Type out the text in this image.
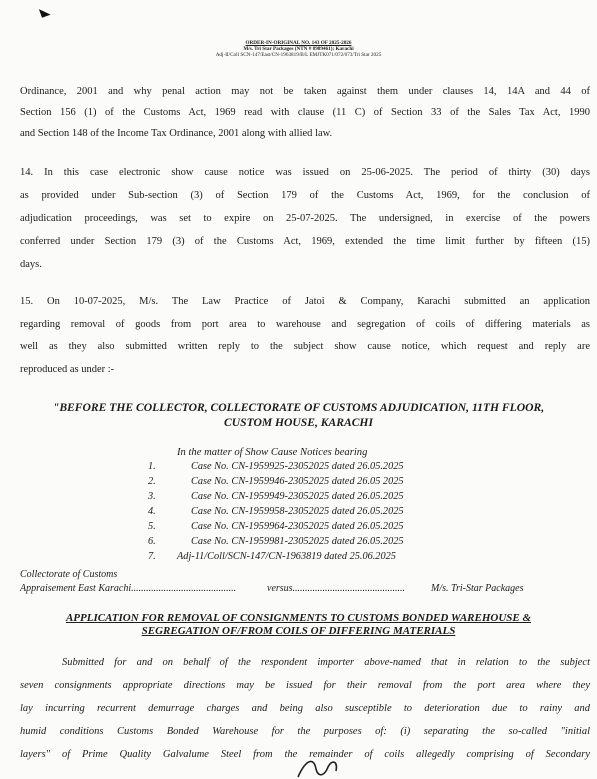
◣
ORDER-IN-ORIGINAL NO. 143 OF 2025-2026
M/s. Tri Star Packages (NTN # 8989461); Karachi
Adj-II/Coll SCN-147/East/CN-1963819/B/L EMJTK071/072/073/Tri Star 2025
Ordinance, 2001 and why penal action may not be taken against them under clauses 14, 14A and 44 of
Section 156 (1) of the Customs Act, 1969 read with clause (11 C) of Section 33 of the Sales Tax Act, 1990
and Section 148 of the Income Tax Ordinance, 2001 along with allied law.
14. In this case electronic show cause notice was issued on 25-06-2025. The period of thirty (30) days
as provided under Sub-section (3) of Section 179 of the Customs Act, 1969, for the conclusion of
adjudication proceedings, was set to expire on 25-07-2025. The undersigned, in exercise of the powers
conferred under Section 179 (3) of the Customs Act, 1969, extended the time limit further by fifteen (15)
days.
15. On 10-07-2025, M/s. The Law Practice of Jatoi & Company, Karachi submitted an application
regarding removal of goods from port area to warehouse and segregation of coils of differing materials as
well as they also submitted written reply to the subject show cause notice, which request and reply are
reproduced as under :-
"BEFORE THE COLLECTOR, COLLECTORATE OF CUSTOMS ADJUDICATION, 11TH FLOOR,
CUSTOM HOUSE, KARACHI
In the matter of Show Cause Notices bearing
1.	Case No. CN-1959925-23052025 dated 26.05.2025
2.	Case No. CN-1959946-23052025 dated 26.05 2025
3.	Case No. CN-1959949-23052025 dated 26.05.2025
4.	Case No. CN-1959958-23052025 dated 26.05.2025
5.	Case No. CN-1959964-23052025 dated 26.05.2025
6.	Case No. CN-1959981-23052025 dated 26.05.2025
7.	Adj-11/Coll/SCN-147/CN-1963819 dated 25.06.2025
Collectorate of Customs
Appraisement East Karachi..........................................	versus.............................................	M/s. Tri-Star Packages
APPLICATION FOR REMOVAL OF CONSIGNMENTS TO CUSTOMS BONDED WAREHOUSE &
SEGREGATION OF/FROM COILS OF DIFFERING MATERIALS
Submitted for and on behalf of the respondent importer above-named that in relation to the subject
seven consignments appropriate directions may be issued for their removal from the port area where they
lay incurring recurrent demurrage charges and being also susceptible to deterioration due to rainy and
humid conditions Customs Bonded Warehouse for the purposes of: (i) separating the so-called "initial
layers" of Prime Quality Galvalume Steel from the remainder of coils allegedly comprising of Secondary
